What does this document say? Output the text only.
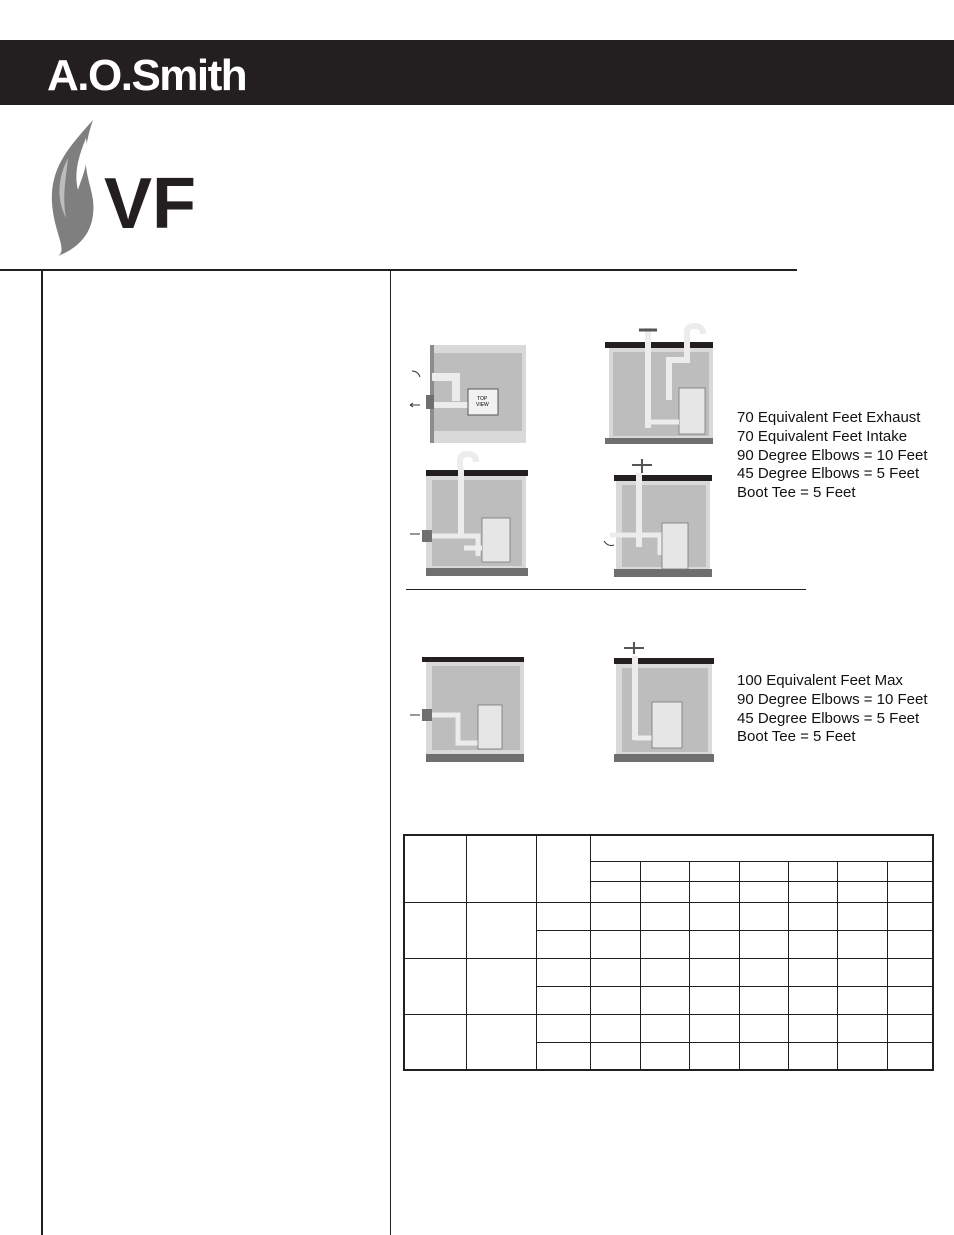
A.O.Smith
VF
TOP
VIEW
70 Equivalent Feet Exhaust
70 Equivalent Feet Intake
90 Degree Elbows = 10 Feet
45 Degree Elbows = 5 Feet
Boot Tee = 5 Feet
100 Equivalent Feet Max
90 Degree Elbows = 10 Feet
45 Degree Elbows = 5 Feet
Boot Tee = 5 Feet
